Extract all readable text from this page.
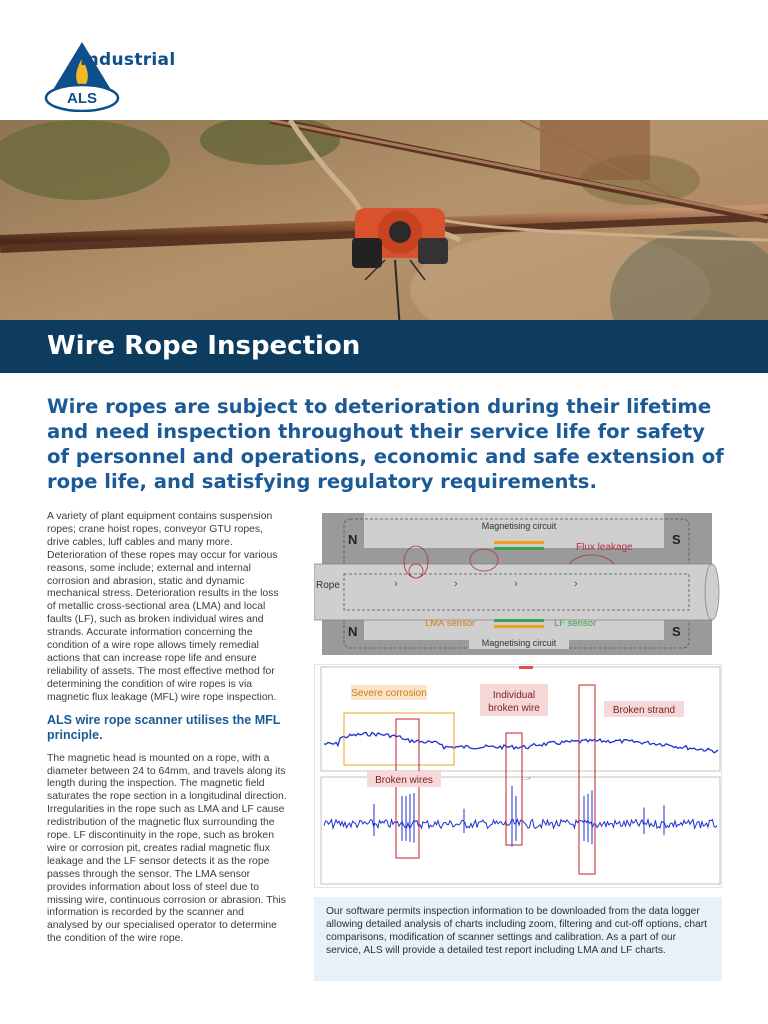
ALS
Industrial
Wire Rope Inspection

Wire ropes are subject to deterioration during their lifetime and need inspection throughout their service life for safety of personnel and operations, economic and safe extension of rope life, and satisfying regulatory requirements.

A variety of plant equipment contains suspension ropes; crane hoist ropes, conveyor GTU ropes, drive cables, luff cables and many more. Deterioration of these ropes may occur for various reasons, some include; external and internal corrosion and abrasion, static and dynamic mechanical stress. Deterioration results in the loss of metallic cross-sectional area (LMA) and local faults (LF), such as broken individual wires and strands. Accurate information concerning the condition of a wire rope allows timely remedial actions that can increase rope life and ensure reliability of assets. The most effective method for determining the condition of wire ropes is via magnetic flux leakage (MFL) wire rope inspection.

ALS wire rope scanner utilises the MFL principle.

The magnetic head is mounted on a rope, with a diameter between 24 to 64mm, and travels along its length during the inspection. The magnetic field saturates the rope section in a longitudinal direction. Irregularities in the rope such as LMA and LF cause redistribution of the magnetic flux surrounding the rope. LF discontinuity in the rope, such as broken wire or corrosion pit, creates radial magnetic flux leakage and the LF sensor detects it as the rope passes through the sensor. The LMA sensor provides information about loss of steel due to missing wire, continuous corrosion or abrasion. This information is recorded by the scanner and analysed by our specialised operator to determine the condition of the wire rope.

›	›	›	›
Magnetising circuit
Magnetising circuit
N	S
N	S
Rope
Flux leakage
LMA sensor	LF sensor
— LF
Severe corrosion	Individual
broken wire	Broken strand
Broken wires

Our software permits inspection information to be downloaded from the data logger allowing detailed analysis of charts including zoom, filtering and cut-off options, chart comparisons, modification of scanner settings and calibration. As a part of our service, ALS will provide a detailed test report including LMA and LF charts.
